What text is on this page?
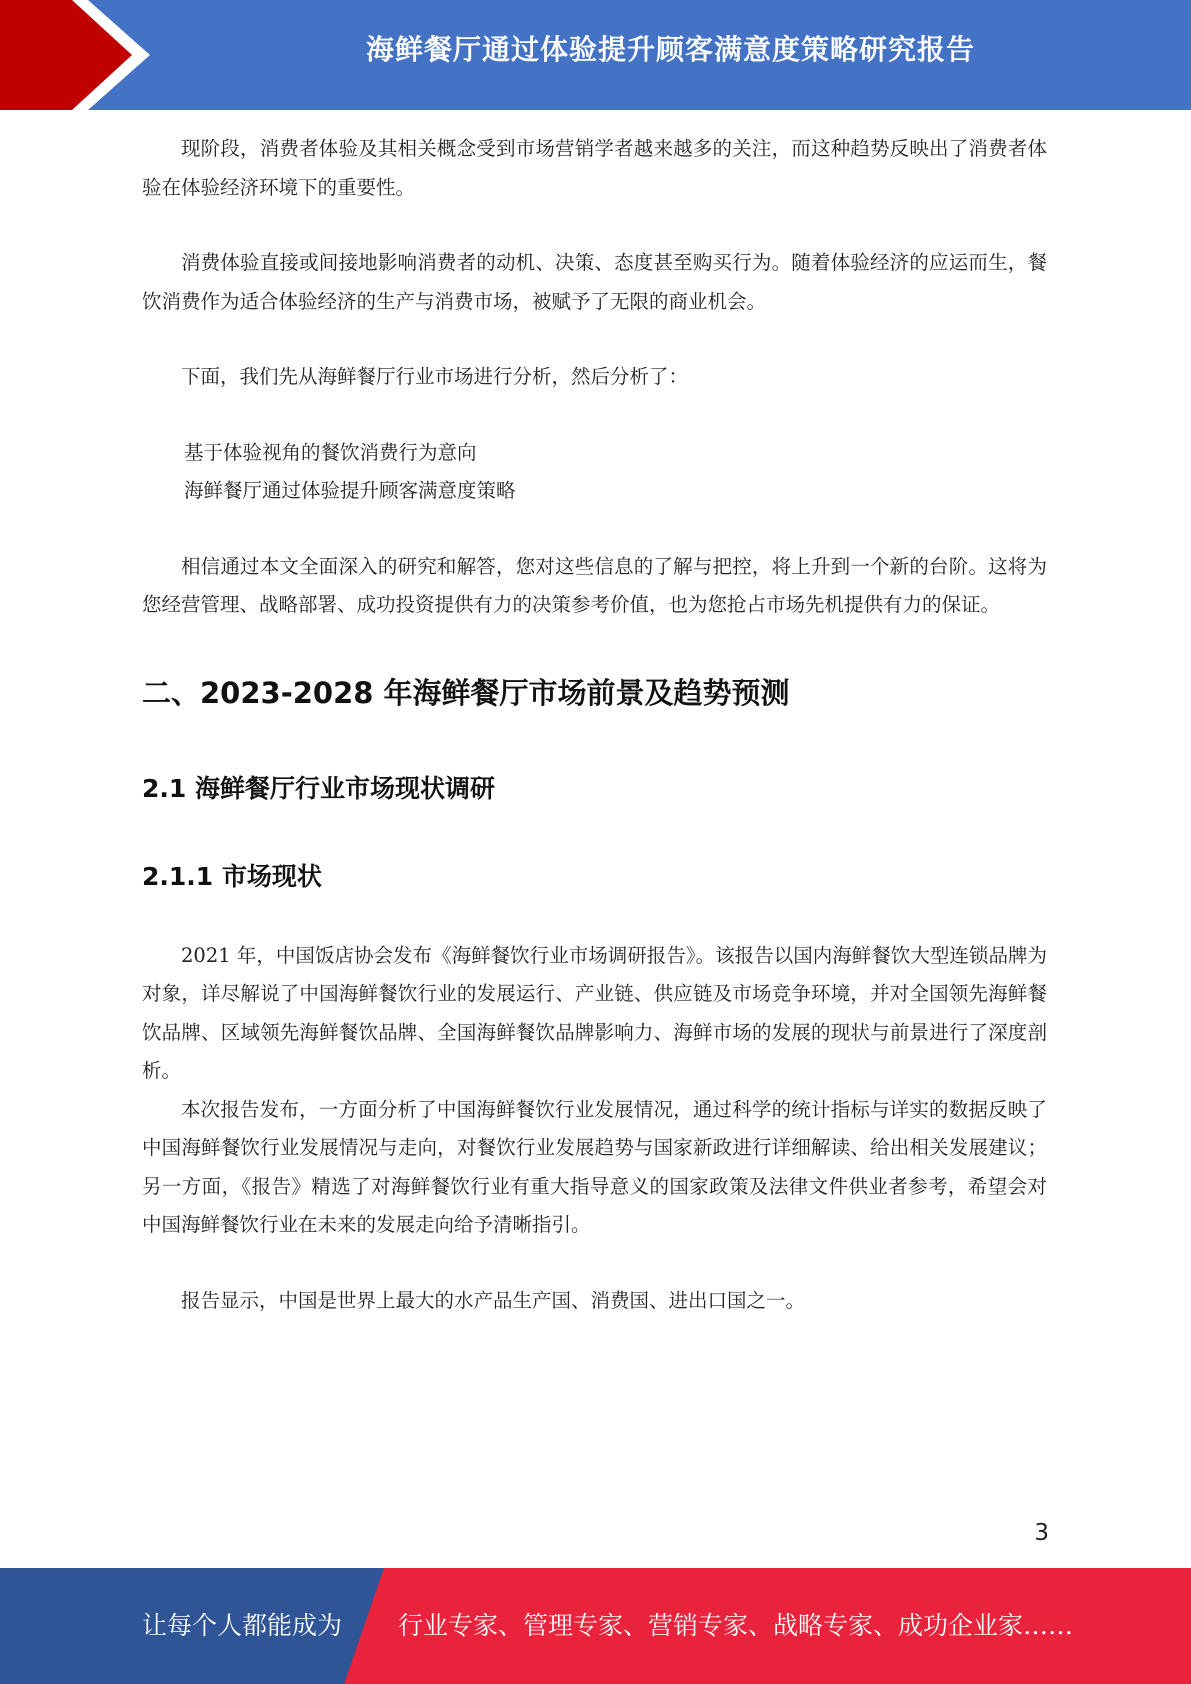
海鲜餐厅通过体验提升顾客满意度策略研究报告

现阶段，消费者体验及其相关概念受到市场营销学者越来越多的关注，而这种趋势反映出了消费者体验在体验经济环境下的重要性。

消费体验直接或间接地影响消费者的动机、决策、态度甚至购买行为。随着体验经济的应运而生，餐饮消费作为适合体验经济的生产与消费市场，被赋予了无限的商业机会。

下面，我们先从海鲜餐厅行业市场进行分析，然后分析了：

基于体验视角的餐饮消费行为意向

海鲜餐厅通过体验提升顾客满意度策略

相信通过本文全面深入的研究和解答，您对这些信息的了解与把控，将上升到一个新的台阶。这将为您经营管理、战略部署、成功投资提供有力的决策参考价值，也为您抢占市场先机提供有力的保证。

二、2023-2028 年海鲜餐厅市场前景及趋势预测
2.1 海鲜餐厅行业市场现状调研
2.1.1 市场现状

2021 年，中国饭店协会发布《海鲜餐饮行业市场调研报告》。该报告以国内海鲜餐饮大型连锁品牌为对象，详尽解说了中国海鲜餐饮行业的发展运行、产业链、供应链及市场竞争环境，并对全国领先海鲜餐饮品牌、区域领先海鲜餐饮品牌、全国海鲜餐饮品牌影响力、海鲜市场的发展的现状与前景进行了深度剖析。

本次报告发布，一方面分析了中国海鲜餐饮行业发展情况，通过科学的统计指标与详实的数据反映了中国海鲜餐饮行业发展情况与走向，对餐饮行业发展趋势与国家新政进行详细解读、给出相关发展建议；另一方面，《报告》精选了对海鲜餐饮行业有重大指导意义的国家政策及法律文件供业者参考，希望会对中国海鲜餐饮行业在未来的发展走向给予清晰指引。

报告显示，中国是世界上最大的水产品生产国、消费国、进出口国之一。

3
让每个人都能成为 行业专家、管理专家、营销专家、战略专家、成功企业家……
